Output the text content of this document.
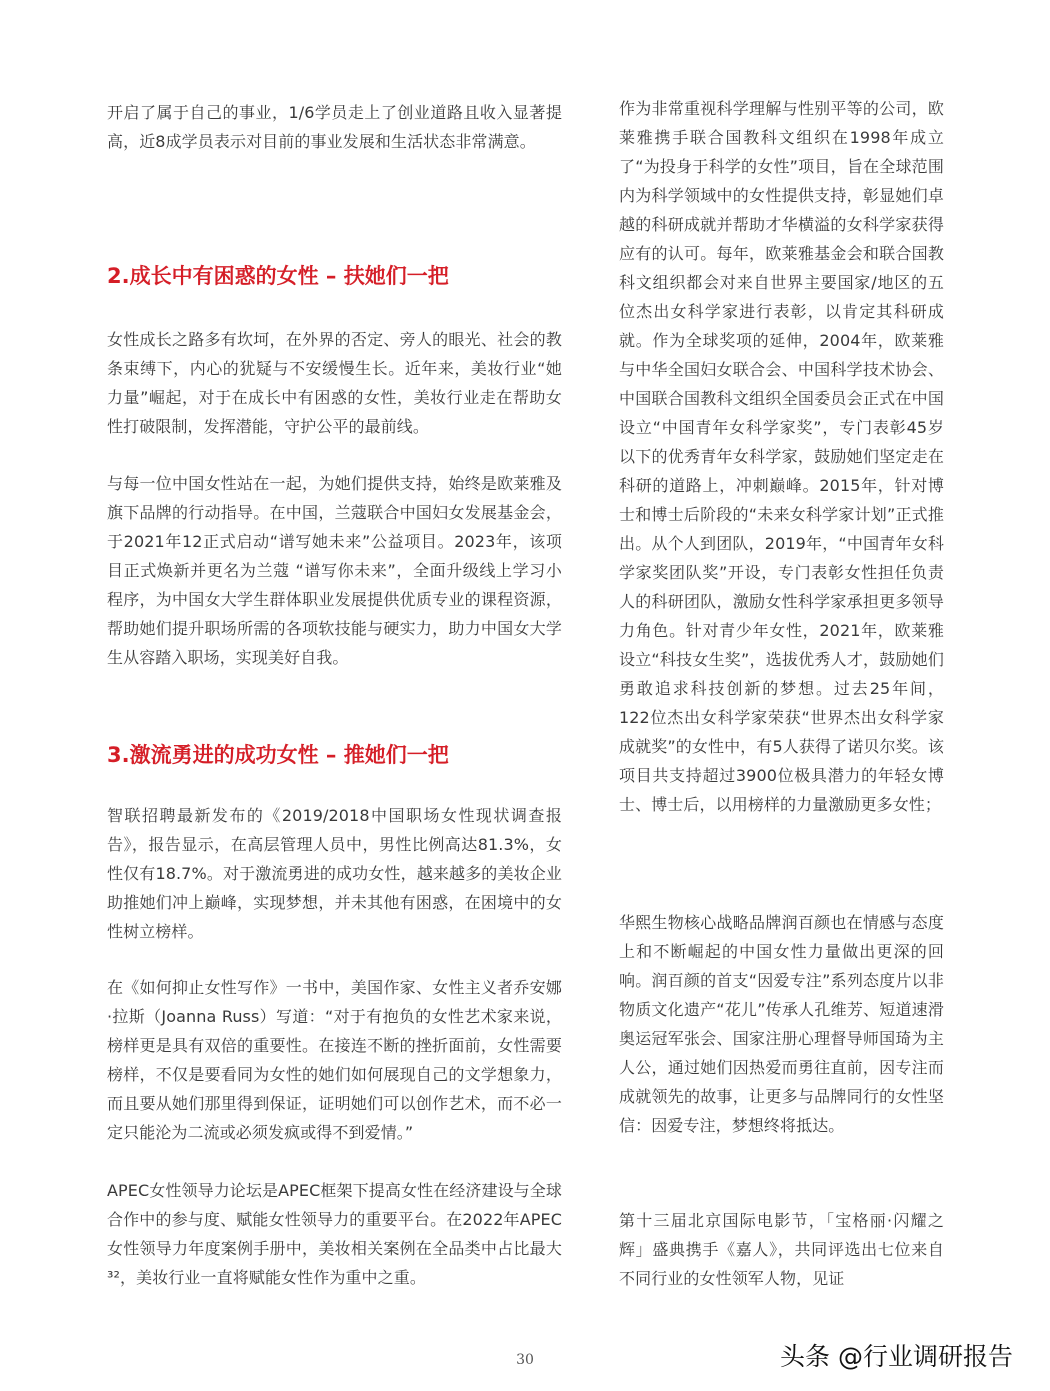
开启了属于自己的事业，1/6学员走上了创业道路且收入显著提高，近8成学员表示对目前的事业发展和生活状态非常满意。

2.成长中有困惑的女性 – 扶她们一把

女性成长之路多有坎坷，在外界的否定、旁人的眼光、社会的教条束缚下，内心的犹疑与不安缓慢生长。近年来，美妆行业“她力量”崛起，对于在成长中有困惑的女性，美妆行业走在帮助女性打破限制，发挥潜能，守护公平的最前线。

与每一位中国女性站在一起，为她们提供支持，始终是欧莱雅及旗下品牌的行动指导。在中国，兰蔻联合中国妇女发展基金会，于2021年12正式启动“谱写她未来”公益项目。2023年，该项目正式焕新并更名为兰蔻 “谱写你未来”，全面升级线上学习小程序，为中国女大学生群体职业发展提供优质专业的课程资源，帮助她们提升职场所需的各项软技能与硬实力，助力中国女大学生从容踏入职场，实现美好自我。

3.激流勇进的成功女性 – 推她们一把

智联招聘最新发布的《2019/2018中国职场女性现状调查报告》，报告显示，在高层管理人员中，男性比例高达81.3%，女性仅有18.7%。对于激流勇进的成功女性，越来越多的美妆企业助推她们冲上巅峰，实现梦想，并未其他有困惑，在困境中的女性树立榜样。

在《如何抑止女性写作》一书中，美国作家、女性主义者乔安娜·拉斯（Joanna Russ）写道：“对于有抱负的女性艺术家来说，榜样更是具有双倍的重要性。在接连不断的挫折面前，女性需要榜样，不仅是要看同为女性的她们如何展现自己的文学想象力，而且要从她们那里得到保证，证明她们可以创作艺术，而不必一定只能沦为二流或必须发疯或得不到爱情。”

APEC女性领导力论坛是APEC框架下提高女性在经济建设与全球合作中的参与度、赋能女性领导力的重要平台。在2022年APEC女性领导力年度案例手册中，美妆相关案例在全品类中占比最大³²，美妆行业一直将赋能女性作为重中之重。

作为非常重视科学理解与性别平等的公司，欧莱雅携手联合国教科文组织在1998年成立了“为投身于科学的女性”项目，旨在全球范围内为科学领域中的女性提供支持，彰显她们卓越的科研成就并帮助才华横溢的女科学家获得应有的认可。每年，欧莱雅基金会和联合国教科文组织都会对来自世界主要国家/地区的五位杰出女科学家进行表彰，以肯定其科研成就。作为全球奖项的延伸，2004年，欧莱雅与中华全国妇女联合会、中国科学技术协会、中国联合国教科文组织全国委员会正式在中国设立“中国青年女科学家奖”，专门表彰45岁以下的优秀青年女科学家，鼓励她们坚定走在科研的道路上，冲刺巅峰。2015年，针对博士和博士后阶段的“未来女科学家计划”正式推出。从个人到团队，2019年，“中国青年女科学家奖团队奖”开设，专门表彰女性担任负责人的科研团队，激励女性科学家承担更多领导力角色。针对青少年女性，2021年，欧莱雅设立“科技女生奖”，选拔优秀人才，鼓励她们勇敢追求科技创新的梦想。过去25年间，122位杰出女科学家荣获“世界杰出女科学家成就奖”的女性中，有5人获得了诺贝尔奖。该项目共支持超过3900位极具潜力的年轻女博士、博士后，以用榜样的力量激励更多女性；

华熙生物核心战略品牌润百颜也在情感与态度上和不断崛起的中国女性力量做出更深的回响。润百颜的首支“因爱专注”系列态度片以非物质文化遗产“花儿”传承人孔维芳、短道速滑奥运冠军张会、国家注册心理督导师国琦为主人公，通过她们因热爱而勇往直前，因专注而成就领先的故事，让更多与品牌同行的女性坚信：因爱专注，梦想终将抵达。

第十三届北京国际电影节，「宝格丽·闪耀之辉」盛典携手《嘉人》，共同评选出七位来自不同行业的女性领军人物，见证

30	头条 @行业调研报告
